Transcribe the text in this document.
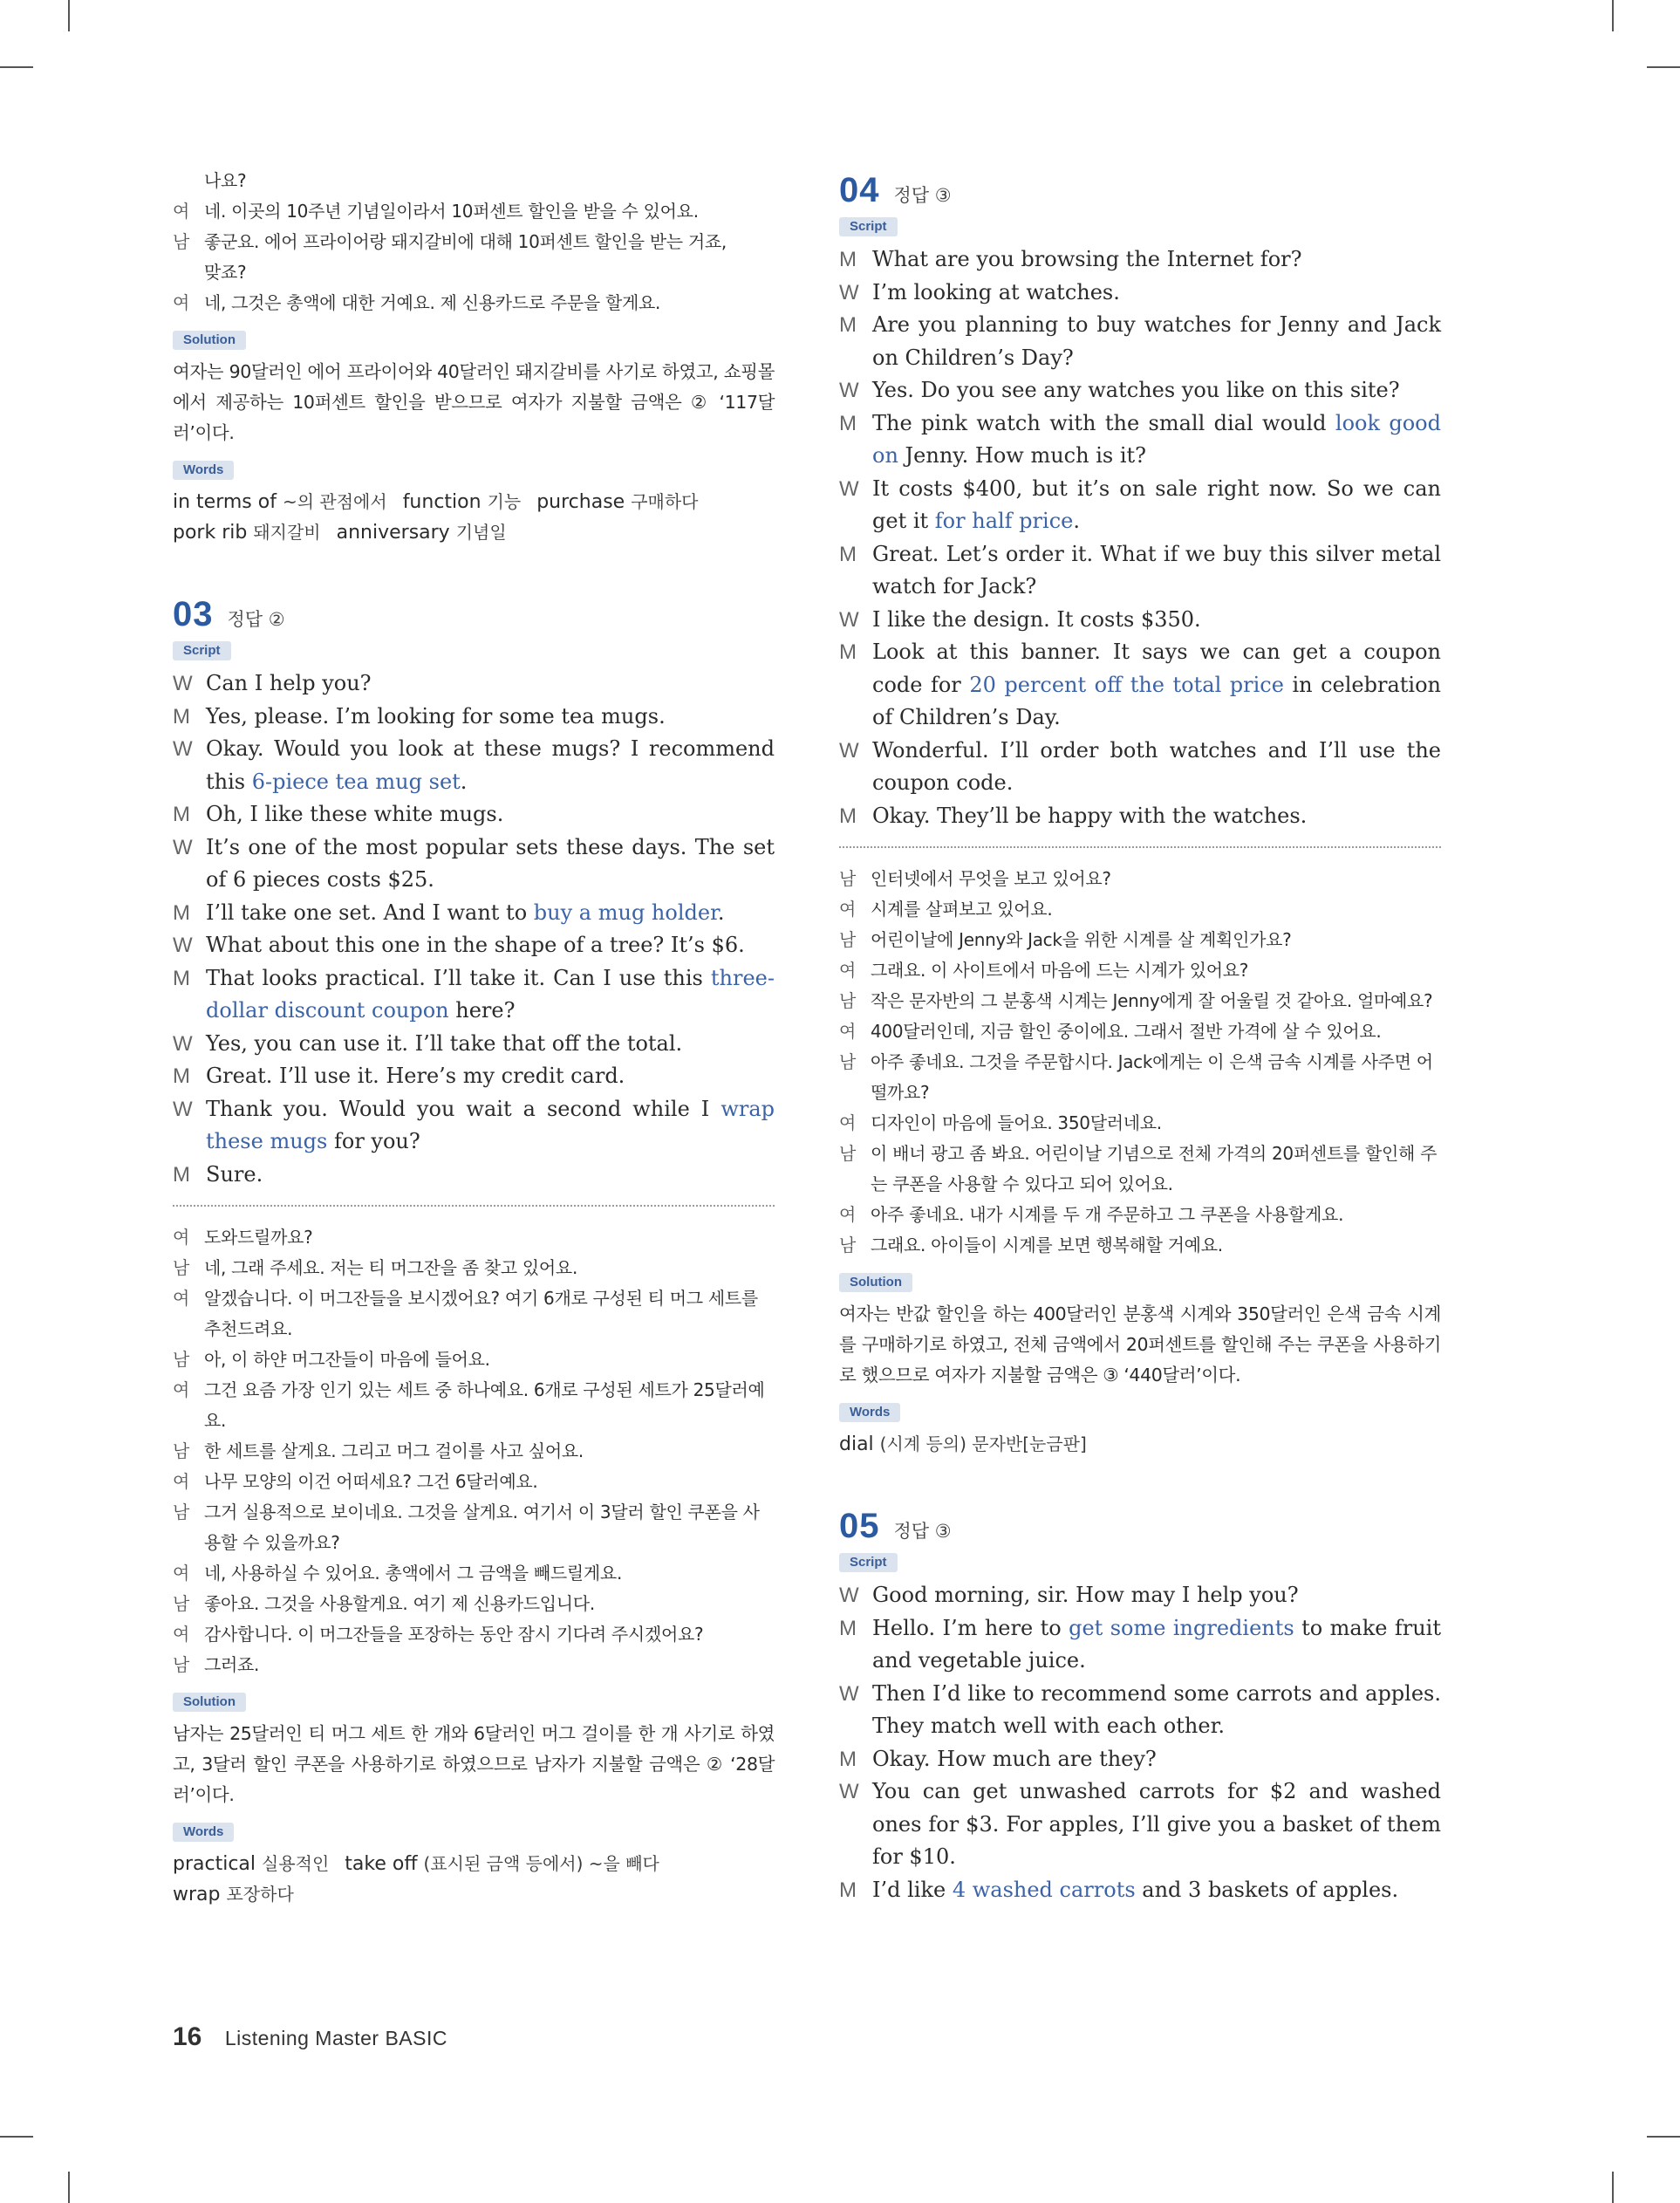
나요?
여 네. 이곳의 10주년 기념일이라서 10퍼센트 할인을 받을 수 있어요.
남 좋군요. 에어 프라이어랑 돼지갈비에 대해 10퍼센트 할인을 받는 거죠,
맞죠?
여 네, 그것은 총액에 대한 거예요. 제 신용카드로 주문을 할게요.
Solution
여자는 90달러인 에어 프라이어와 40달러인 돼지갈비를 사기로 하였고, 쇼핑몰에서 제공하는 10퍼센트 할인을 받으므로 여자가 지불할 금액은 ② ‘117달러’이다.
Words
in terms of ~의 관점에서 function 기능 purchase 구매하다
pork rib 돼지갈비 anniversary 기념일
03 정답 ②
Script
W Can I help you?
M Yes, please. I’m looking for some tea mugs.
W Okay. Would you look at these mugs? I recommend this 6-piece tea mug set.
M Oh, I like these white mugs.
W It’s one of the most popular sets these days. The set of 6 pieces costs $25.
M I’ll take one set. And I want to buy a mug holder.
W What about this one in the shape of a tree? It’s $6.
M That looks practical. I’ll take it. Can I use this three-dollar discount coupon here?
W Yes, you can use it. I’ll take that off the total.
M Great. I’ll use it. Here’s my credit card.
W Thank you. Would you wait a second while I wrap these mugs for you?
M Sure.
여 도와드릴까요?
남 네, 그래 주세요. 저는 티 머그잔을 좀 찾고 있어요.
여 알겠습니다. 이 머그잔들을 보시겠어요? 여기 6개로 구성된 티 머그 세트를 추천드려요.
남 아, 이 하얀 머그잔들이 마음에 들어요.
여 그건 요즘 가장 인기 있는 세트 중 하나예요. 6개로 구성된 세트가 25달러예요.
남 한 세트를 살게요. 그리고 머그 걸이를 사고 싶어요.
여 나무 모양의 이건 어떠세요? 그건 6달러예요.
남 그거 실용적으로 보이네요. 그것을 살게요. 여기서 이 3달러 할인 쿠폰을 사용할 수 있을까요?
여 네, 사용하실 수 있어요. 총액에서 그 금액을 빼드릴게요.
남 좋아요. 그것을 사용할게요. 여기 제 신용카드입니다.
여 감사합니다. 이 머그잔들을 포장하는 동안 잠시 기다려 주시겠어요?
남 그러죠.
Solution
남자는 25달러인 티 머그 세트 한 개와 6달러인 머그 걸이를 한 개 사기로 하였고, 3달러 할인 쿠폰을 사용하기로 하였으므로 남자가 지불할 금액은 ② ‘28달러’이다.
Words
practical 실용적인 take off (표시된 금액 등에서) ~을 빼다
wrap 포장하다
04 정답 ③
Script
M What are you browsing the Internet for?
W I’m looking at watches.
M Are you planning to buy watches for Jenny and Jack on Children’s Day?
W Yes. Do you see any watches you like on this site?
M The pink watch with the small dial would look good on Jenny. How much is it?
W It costs $400, but it’s on sale right now. So we can get it for half price.
M Great. Let’s order it. What if we buy this silver metal watch for Jack?
W I like the design. It costs $350.
M Look at this banner. It says we can get a coupon code for 20 percent off the total price in celebration of Children’s Day.
W Wonderful. I’ll order both watches and I’ll use the coupon code.
M Okay. They’ll be happy with the watches.
남 인터넷에서 무엇을 보고 있어요?
여 시계를 살펴보고 있어요.
남 어린이날에 Jenny와 Jack을 위한 시계를 살 계획인가요?
여 그래요. 이 사이트에서 마음에 드는 시계가 있어요?
남 작은 문자반의 그 분홍색 시계는 Jenny에게 잘 어울릴 것 같아요. 얼마예요?
여 400달러인데, 지금 할인 중이에요. 그래서 절반 가격에 살 수 있어요.
남 아주 좋네요. 그것을 주문합시다. Jack에게는 이 은색 금속 시계를 사주면 어떨까요?
여 디자인이 마음에 들어요. 350달러네요.
남 이 배너 광고 좀 봐요. 어린이날 기념으로 전체 가격의 20퍼센트를 할인해 주는 쿠폰을 사용할 수 있다고 되어 있어요.
여 아주 좋네요. 내가 시계를 두 개 주문하고 그 쿠폰을 사용할게요.
남 그래요. 아이들이 시계를 보면 행복해할 거예요.
Solution
여자는 반값 할인을 하는 400달러인 분홍색 시계와 350달러인 은색 금속 시계를 구매하기로 하였고, 전체 금액에서 20퍼센트를 할인해 주는 쿠폰을 사용하기로 했으므로 여자가 지불할 금액은 ③ ‘440달러’이다.
Words
dial (시계 등의) 문자반[눈금판]
05 정답 ③
Script
W Good morning, sir. How may I help you?
M Hello. I’m here to get some ingredients to make fruit and vegetable juice.
W Then I’d like to recommend some carrots and apples. They match well with each other.
M Okay. How much are they?
W You can get unwashed carrots for $2 and washed ones for $3. For apples, I’ll give you a basket of them for $10.
M I’d like 4 washed carrots and 3 baskets of apples.
16 Listening Master BASIC
